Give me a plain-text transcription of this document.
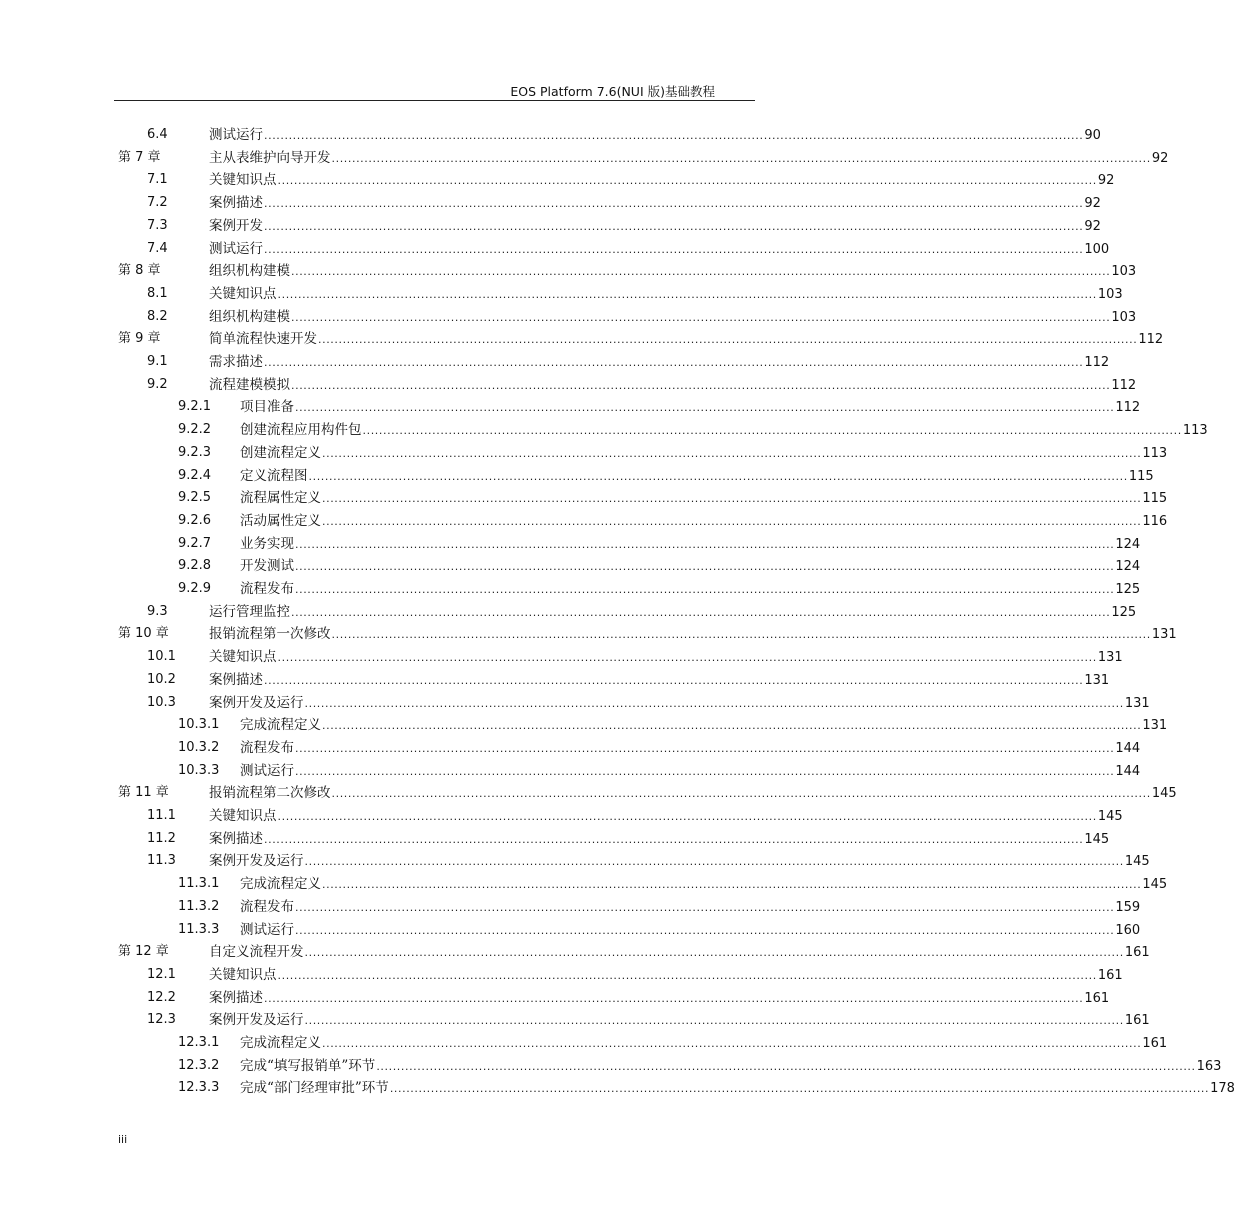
EOS Platform 7.6(NUI 版)基础教程
6.4	测试运行 ........................................................................................................................................................................................................ 90
第 7 章	主从表维护向导开发 ........................................................................................................................................................................................................ 92
7.1	关键知识点 ........................................................................................................................................................................................................ 92
7.2	案例描述 ........................................................................................................................................................................................................ 92
7.3	案例开发 ........................................................................................................................................................................................................ 92
7.4	测试运行 ........................................................................................................................................................................................................ 100
第 8 章	组织机构建模 ........................................................................................................................................................................................................ 103
8.1	关键知识点 ........................................................................................................................................................................................................ 103
8.2	组织机构建模 ........................................................................................................................................................................................................ 103
第 9 章	简单流程快速开发 ........................................................................................................................................................................................................ 112
9.1	需求描述 ........................................................................................................................................................................................................ 112
9.2	流程建模模拟 ........................................................................................................................................................................................................ 112
9.2.1 项目准备 ........................................................................................................................................................................................................ 112
9.2.2 创建流程应用构件包 ........................................................................................................................................................................................................ 113
9.2.3 创建流程定义 ........................................................................................................................................................................................................ 113
9.2.4 定义流程图 ........................................................................................................................................................................................................ 115
9.2.5 流程属性定义 ........................................................................................................................................................................................................ 115
9.2.6 活动属性定义 ........................................................................................................................................................................................................ 116
9.2.7 业务实现 ........................................................................................................................................................................................................ 124
9.2.8 开发测试 ........................................................................................................................................................................................................ 124
9.2.9 流程发布 ........................................................................................................................................................................................................ 125
9.3	运行管理监控 ........................................................................................................................................................................................................ 125
第 10 章	报销流程第一次修改 ........................................................................................................................................................................................................ 131
10.1 关键知识点 ........................................................................................................................................................................................................ 131
10.2 案例描述 ........................................................................................................................................................................................................ 131
10.3 案例开发及运行 ........................................................................................................................................................................................................ 131
10.3.1 完成流程定义 ........................................................................................................................................................................................................ 131
10.3.2 流程发布 ........................................................................................................................................................................................................ 144
10.3.3 测试运行 ........................................................................................................................................................................................................ 144
第 11 章	报销流程第二次修改 ........................................................................................................................................................................................................ 145
11.1 关键知识点 ........................................................................................................................................................................................................ 145
11.2 案例描述 ........................................................................................................................................................................................................ 145
11.3 案例开发及运行 ........................................................................................................................................................................................................ 145
11.3.1 完成流程定义 ........................................................................................................................................................................................................ 145
11.3.2 流程发布 ........................................................................................................................................................................................................ 159
11.3.3 测试运行 ........................................................................................................................................................................................................ 160
第 12 章	自定义流程开发 ........................................................................................................................................................................................................ 161
12.1 关键知识点 ........................................................................................................................................................................................................ 161
12.2 案例描述 ........................................................................................................................................................................................................ 161
12.3 案例开发及运行 ........................................................................................................................................................................................................ 161
12.3.1 完成流程定义 ........................................................................................................................................................................................................ 161
12.3.2 完成“填写报销单”环节 ........................................................................................................................................................................................................ 163
12.3.3 完成“部门经理审批”环节 ........................................................................................................................................................................................................ 178
iii
